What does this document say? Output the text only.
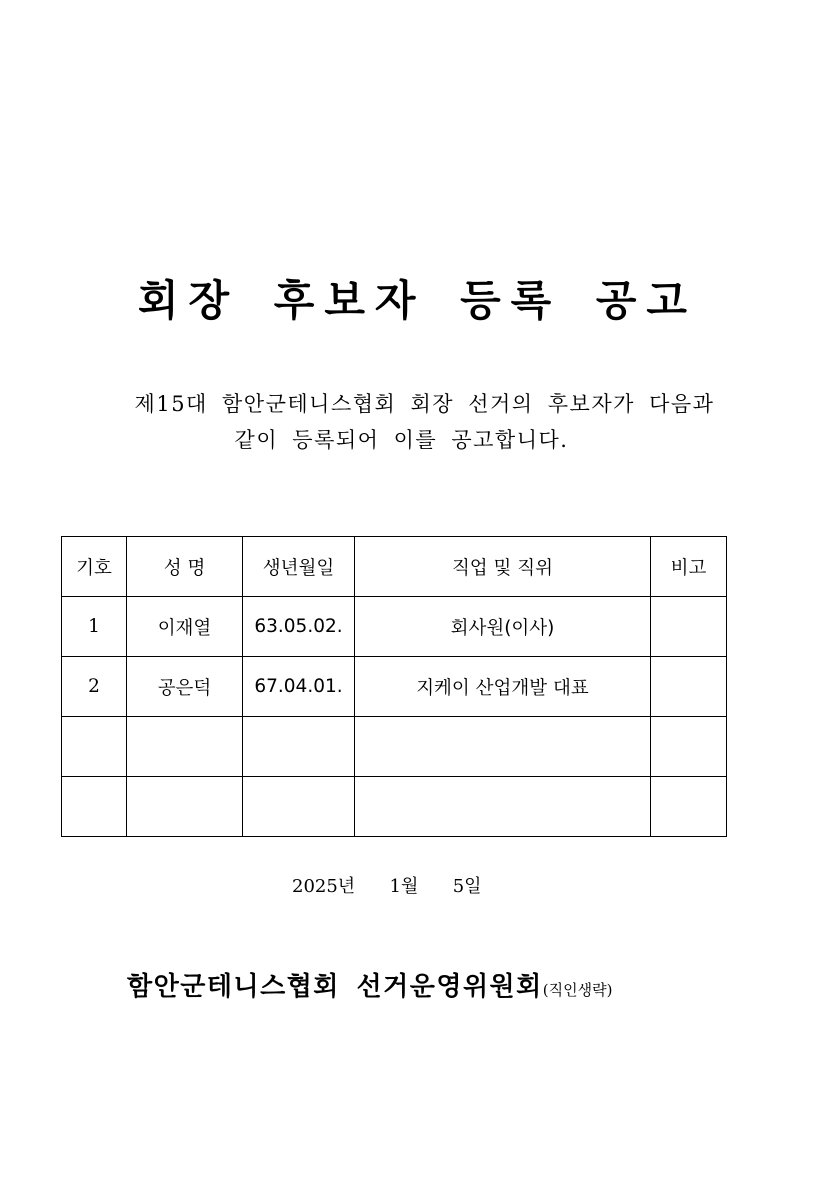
회장 후보자 등록 공고
제15대 함안군테니스협회 회장 선거의 후보자가 다음과
같이 등록되어 이를 공고합니다.
기호	성 명	생년월일	직업 및 직위	비고
1	이재열	63.05.02.	회사원(이사)	
2	공은덕	67.04.01.	지케이 산업개발 대표	

2025년 1월 5일
함안군테니스협회 선거운영위원회(직인생략)
